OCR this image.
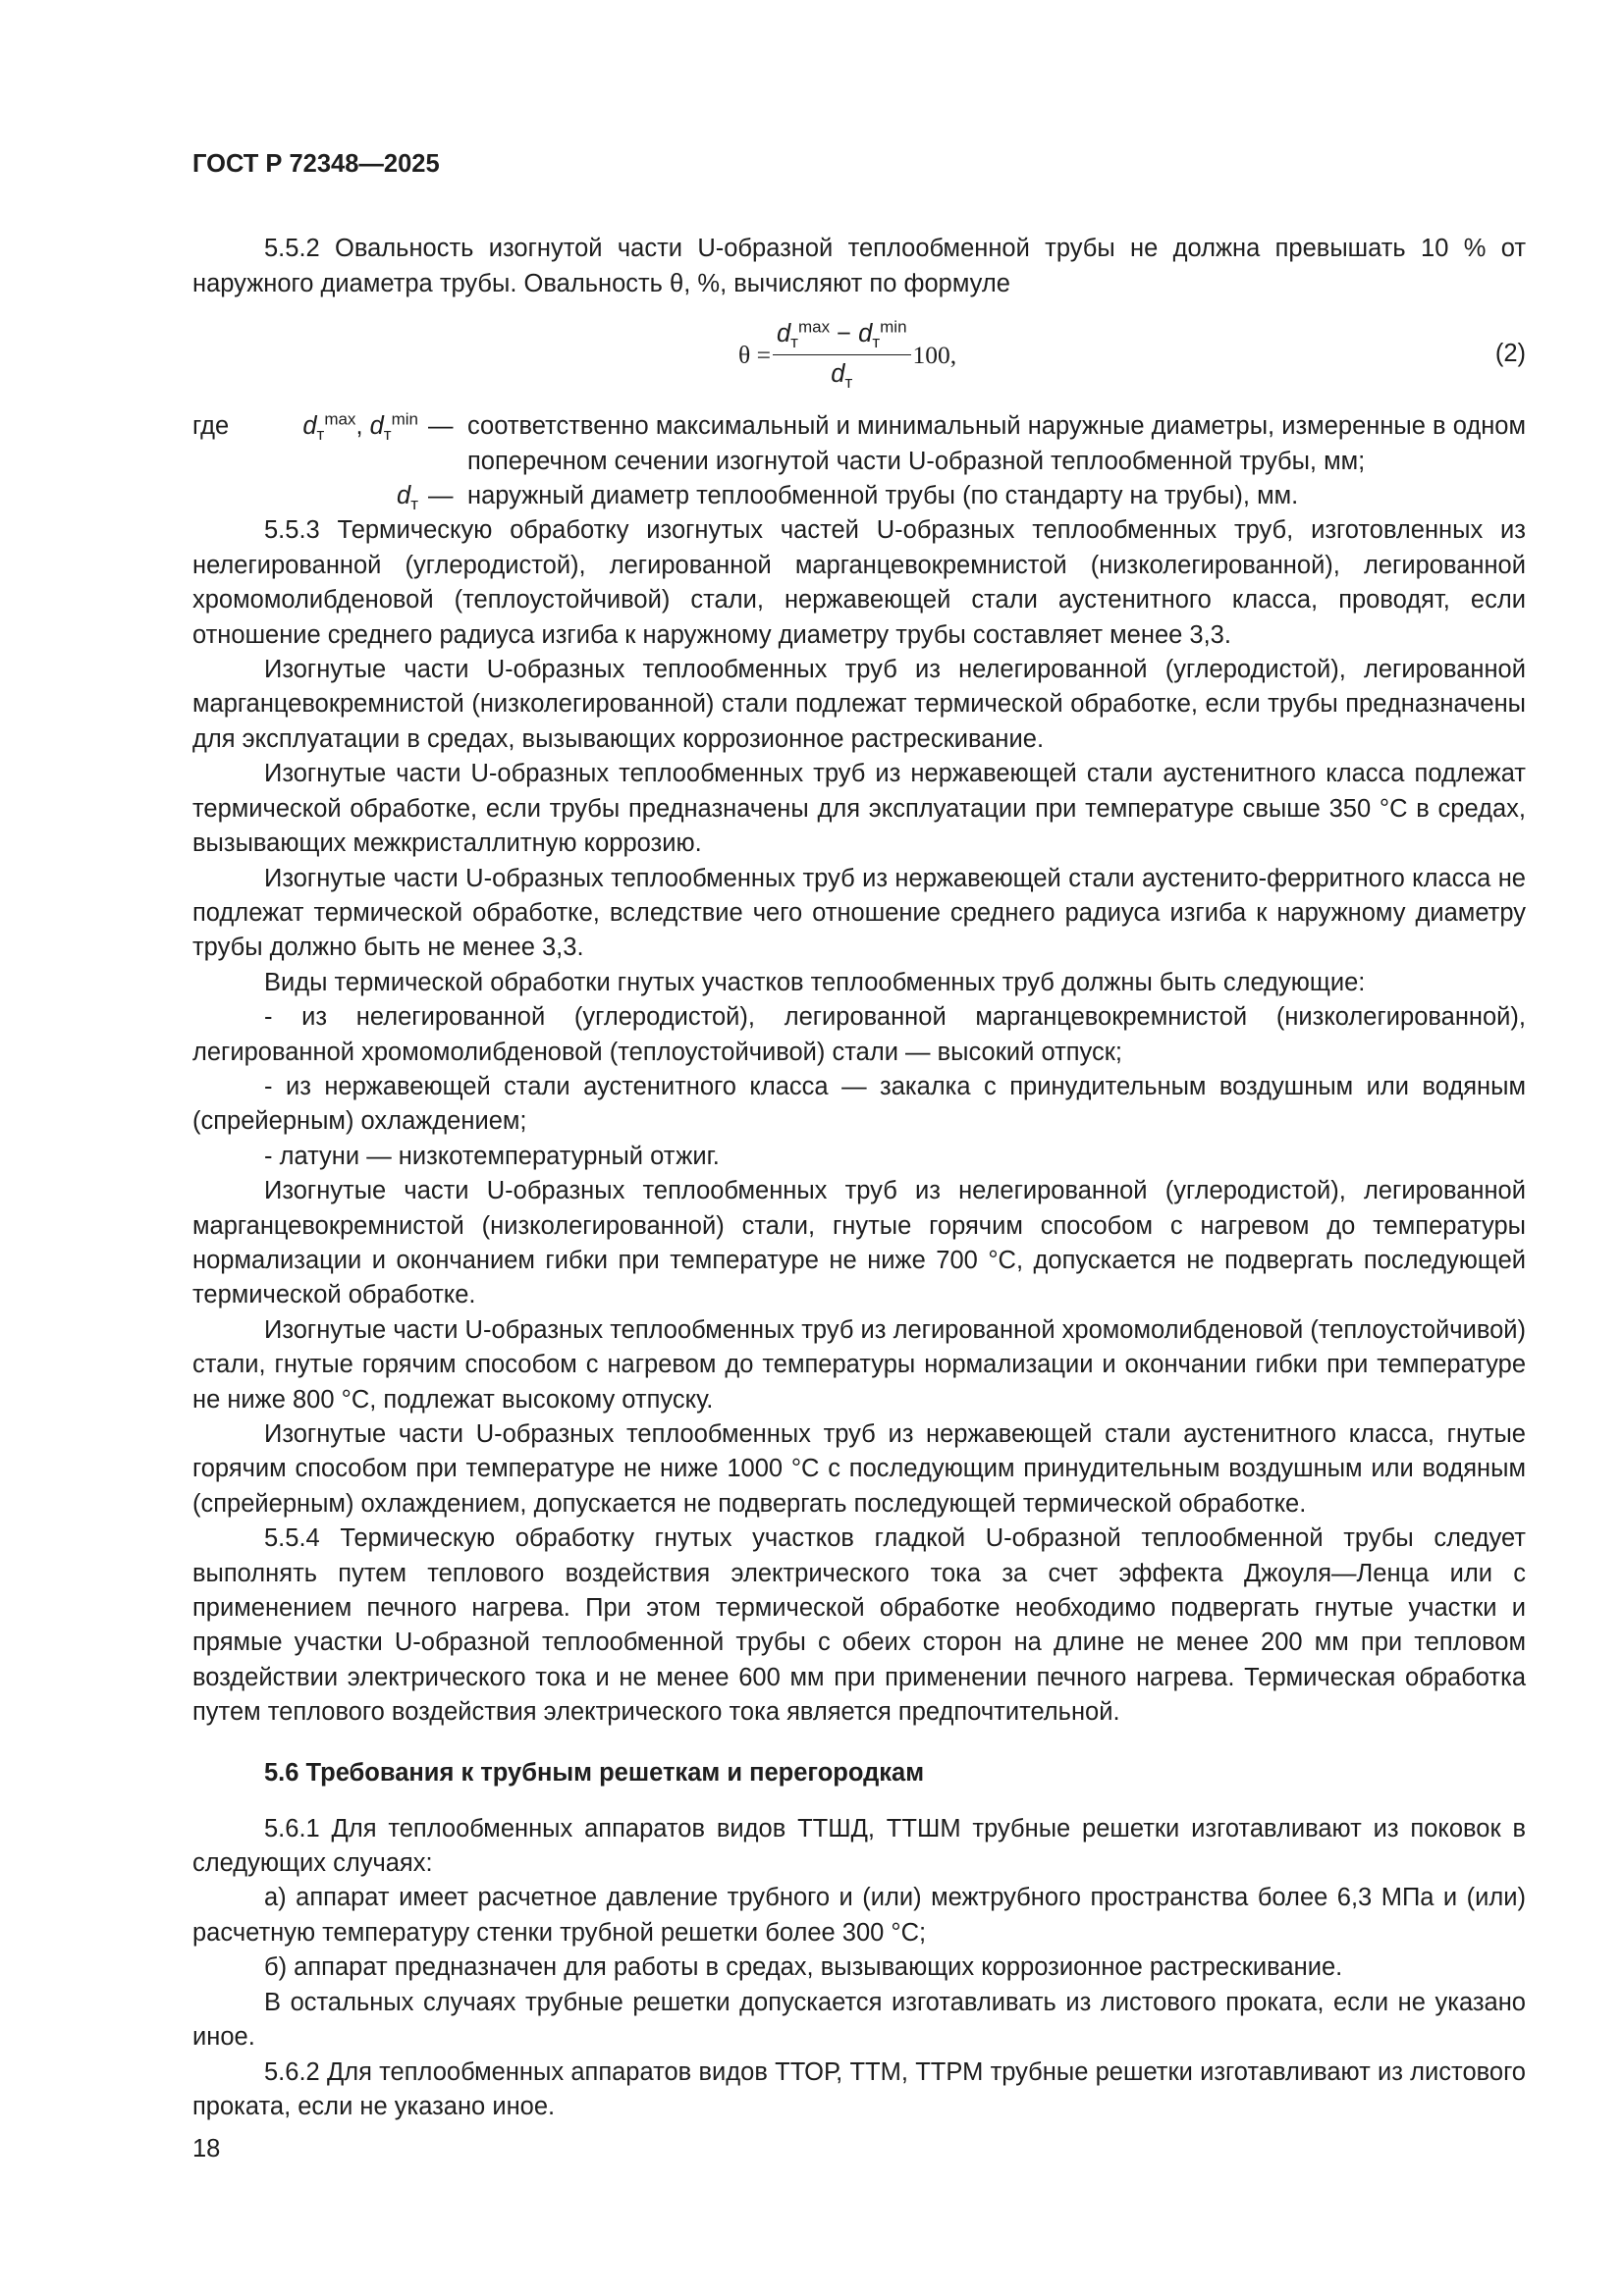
ГОСТ Р 72348—2025

5.5.2 Овальность изогнутой части U-образной теплообменной трубы не должна превышать 10 % от наружного диаметра трубы. Овальность θ, %, вычисляют по формуле

$\theta = \frac{d_т^{max} - d_т^{min}}{d_т} 100$,	(2)
где	$d_т^{max}$, $d_т^{min}$ — соответственно максимальный и минимальный наружные диаметры, измеренные в одном поперечном сечении изогнутой части U-образной теплообменной трубы, мм;
$d_т$ — наружный диаметр теплообменной трубы (по стандарту на трубы), мм.

5.5.3 Термическую обработку изогнутых частей U-образных теплообменных труб, изготовленных из нелегированной (углеродистой), легированной марганцевокремнистой (низколегированной), легированной хромомолибденовой (теплоустойчивой) стали, нержавеющей стали аустенитного класса, проводят, если отношение среднего радиуса изгиба к наружному диаметру трубы составляет менее 3,3.

Изогнутые части U-образных теплообменных труб из нелегированной (углеродистой), легированной марганцевокремнистой (низколегированной) стали подлежат термической обработке, если трубы предназначены для эксплуатации в средах, вызывающих коррозионное растрескивание.

Изогнутые части U-образных теплообменных труб из нержавеющей стали аустенитного класса подлежат термической обработке, если трубы предназначены для эксплуатации при температуре свыше 350 °С в средах, вызывающих межкристаллитную коррозию.

Изогнутые части U-образных теплообменных труб из нержавеющей стали аустенито-ферритного класса не подлежат термической обработке, вследствие чего отношение среднего радиуса изгиба к наружному диаметру трубы должно быть не менее 3,3.

Виды термической обработки гнутых участков теплообменных труб должны быть следующие:

- из нелегированной (углеродистой), легированной марганцевокремнистой (низколегированной), легированной хромомолибденовой (теплоустойчивой) стали — высокий отпуск;

- из нержавеющей стали аустенитного класса — закалка с принудительным воздушным или водяным (спрейерным) охлаждением;

- латуни — низкотемпературный отжиг.

Изогнутые части U-образных теплообменных труб из нелегированной (углеродистой), легированной марганцевокремнистой (низколегированной) стали, гнутые горячим способом с нагревом до температуры нормализации и окончанием гибки при температуре не ниже 700 °С, допускается не подвергать последующей термической обработке.

Изогнутые части U-образных теплообменных труб из легированной хромомолибденовой (теплоустойчивой) стали, гнутые горячим способом с нагревом до температуры нормализации и окончании гибки при температуре не ниже 800 °С, подлежат высокому отпуску.

Изогнутые части U-образных теплообменных труб из нержавеющей стали аустенитного класса, гнутые горячим способом при температуре не ниже 1000 °С с последующим принудительным воздушным или водяным (спрейерным) охлаждением, допускается не подвергать последующей термической обработке.

5.5.4 Термическую обработку гнутых участков гладкой U-образной теплообменной трубы следует выполнять путем теплового воздействия электрического тока за счет эффекта Джоуля—Ленца или с применением печного нагрева. При этом термической обработке необходимо подвергать гнутые участки и прямые участки U-образной теплообменной трубы с обеих сторон на длине не менее 200 мм при тепловом воздействии электрического тока и не менее 600 мм при применении печного нагрева. Термическая обработка путем теплового воздействия электрического тока является предпочтительной.

5.6 Требования к трубным решеткам и перегородкам

5.6.1 Для теплообменных аппаратов видов ТТШД, ТТШМ трубные решетки изготавливают из поковок в следующих случаях:

а) аппарат имеет расчетное давление трубного и (или) межтрубного пространства более 6,3 МПа и (или) расчетную температуру стенки трубной решетки более 300 °С;

б) аппарат предназначен для работы в средах, вызывающих коррозионное растрескивание.

В остальных случаях трубные решетки допускается изготавливать из листового проката, если не указано иное.

5.6.2 Для теплообменных аппаратов видов ТТОР, ТТМ, ТТРМ трубные решетки изготавливают из листового проката, если не указано иное.

18
